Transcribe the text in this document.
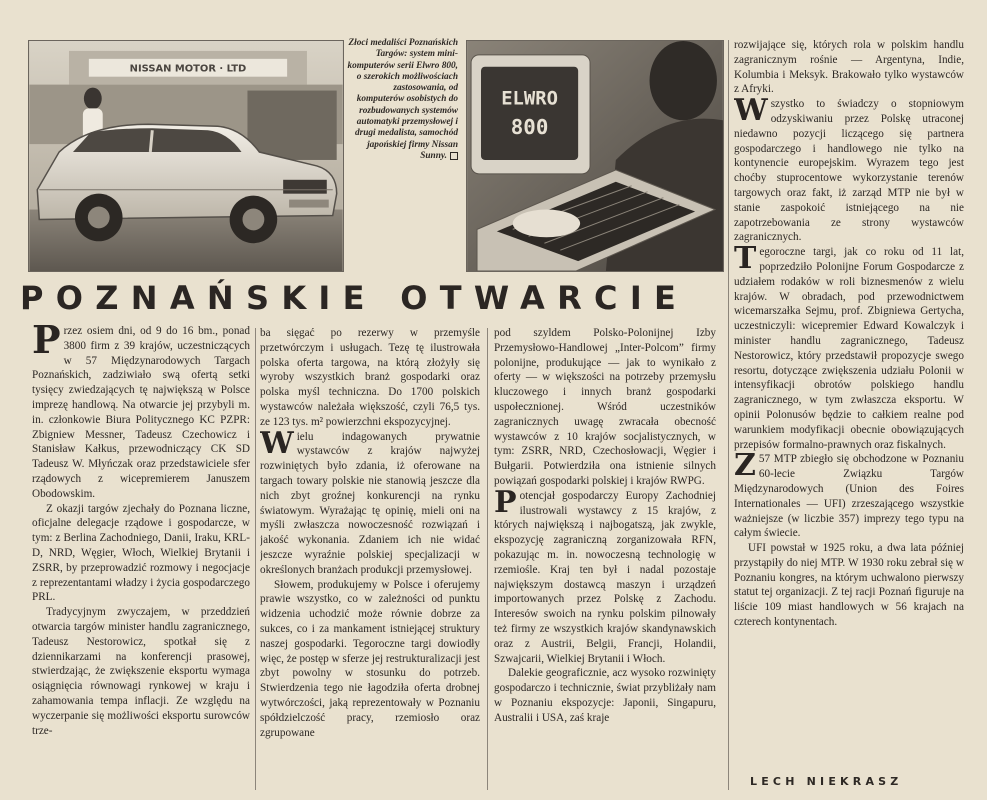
NISSAN MOTOR · LTD
Złoci medaliści Poznańskich Targów: system mini-komputerów serii Elwro 800, o szerokich możliwościach zastosowania, od komputerów osobistych do rozbudowanych systemów automatyki przemysłowej i drugi medalista, samochód japońskiej firmy Nissan Sunny.
ELWRO
800
POZNAŃSKIE OTWARCIE

Przez osiem dni, od 9 do 16 bm., ponad 3800 firm z 39 krajów, uczestniczących w 57 Międzynarodowych Targach Poznańskich, zadziwiało swą ofertą setki tysięcy zwiedzających tę największą w Polsce imprezę handlową. Na otwarcie jej przybyli m. in. członkowie Biura Politycznego KC PZPR: Zbigniew Messner, Tadeusz Czechowicz i Stanisław Kałkus, przewodniczący CK SD Tadeusz W. Młyńczak oraz przedstawiciele sfer rządowych z wicepremierem Januszem Obodowskim.

Z okazji targów zjechały do Poznana liczne, oficjalne delegacje rządowe i gospodarcze, w tym: z Berlina Zachodniego, Danii, Iraku, KRL-D, NRD, Węgier, Włoch, Wielkiej Brytanii i ZSRR, by przeprowadzić rozmowy i negocjacje z reprezentantami władzy i życia gospodarczego PRL.

Tradycyjnym zwyczajem, w przeddzień otwarcia targów minister handlu zagranicznego, Tadeusz Nestorowicz, spotkał się z dziennikarzami na konferencji prasowej, stwierdzając, że zwiększenie eksportu wymaga osiągnięcia równowagi rynkowej w kraju i zahamowania tempa inflacji. Ze względu na wyczerpanie się możliwości eksportu surowców trze-

ba sięgać po rezerwy w przemyśle przetwórczym i usługach. Tezę tę ilustrowała polska oferta targowa, na którą złożyły się wyroby wszystkich branż gospodarki oraz polska myśl techniczna. Do 1700 polskich wystawców należała większość, czyli 76,5 tys. ze 123 tys. m² powierzchni ekspozycyjnej.

Wielu indagowanych prywatnie wystawców z krajów najwyżej rozwiniętych było zdania, iż oferowane na targach towary polskie nie stanowią jeszcze dla nich zbyt groźnej konkurencji na rynku światowym. Wyrażając tę opinię, mieli oni na myśli zwłaszcza nowoczesność rozwiązań i jakość wykonania. Zdaniem ich nie widać jeszcze wyraźnie polskiej specjalizacji w określonych branżach produkcji przemysłowej.

Słowem, produkujemy w Polsce i oferujemy prawie wszystko, co w zależności od punktu widzenia uchodzić może równie dobrze za sukces, co i za mankament istniejącej struktury naszej gospodarki. Tegoroczne targi dowiodły więc, że postęp w sferze jej restrukturalizacji jest zbyt powolny w stosunku do potrzeb. Stwierdzenia tego nie łagodziła oferta drobnej wytwórczości, jaką reprezentowały w Poznaniu spółdzielczość pracy, rzemiosło oraz zgrupowane

pod szyldem Polsko-Polonijnej Izby Przemysłowo-Handlowej „Inter-Polcom” firmy polonijne, produkujące — jak to wynikało z oferty — w większości na potrzeby przemysłu kluczowego i innych branż gospodarki uspołecznionej. Wśród uczestników zagranicznych uwagę zwracała obecność wystawców z 10 krajów socjalistycznych, w tym: ZSRR, NRD, Czechosłowacji, Węgier i Bułgarii. Potwierdziła ona istnienie silnych powiązań gospodarki polskiej i krajów RWPG.

Potencjał gospodarczy Europy Zachodniej ilustrowali wystawcy z 15 krajów, z których największą i najbogatszą, jak zwykle, ekspozycję zagraniczną zorganizowała RFN, pokazując m. in. nowoczesną technologię w rzemiośle. Kraj ten był i nadal pozostaje największym dostawcą maszyn i urządzeń importowanych przez Polskę z Zachodu. Interesów swoich na rynku polskim pilnowały też firmy ze wszystkich krajów skandynawskich oraz z Austrii, Belgii, Francji, Holandii, Szwajcarii, Wielkiej Brytanii i Włoch.

Dalekie geograficznie, acz wysoko rozwinięty gospodarczo i technicznie, świat przybliżały nam w Poznaniu ekspozycje: Japonii, Singapuru, Australii i USA, zaś kraje

rozwijające się, których rola w polskim handlu zagranicznym rośnie — Argentyna, Indie, Kolumbia i Meksyk. Brakowało tylko wystawców z Afryki.

Wszystko to świadczy o stopniowym odzyskiwaniu przez Polskę utraconej niedawno pozycji liczącego się partnera gospodarczego i handlowego nie tylko na kontynencie europejskim. Wyrazem tego jest choćby stuprocentowe wykorzystanie terenów targowych oraz fakt, iż zarząd MTP nie był w stanie zaspokoić istniejącego na nie zapotrzebowania ze strony wystawców zagranicznych.

Tegoroczne targi, jak co roku od 11 lat, poprzedziło Polonijne Forum Gospodarcze z udziałem rodaków w roli biznesmenów z wielu krajów. W obradach, pod przewodnictwem wicemarszałka Sejmu, prof. Zbigniewa Gertycha, uczestniczyli: wicepremier Edward Kowalczyk i minister handlu zagranicznego, Tadeusz Nestorowicz, który przedstawił propozycje swego resortu, dotyczące zwiększenia udziału Polonii w intensyfikacji obrotów polskiego handlu zagranicznego, w tym zwłaszcza eksportu. W opinii Polonusów będzie to całkiem realne pod warunkiem modyfikacji obecnie obowiązujących przepisów formalno-prawnych oraz fiskalnych.

Z 57 MTP zbiegło się obchodzone w Poznaniu 60-lecie Związku Targów Międzynarodowych (Union des Foires Internationales — UFI) zrzeszającego wszystkie ważniejsze (w liczbie 357) imprezy tego typu na całym świecie.

UFI powstał w 1925 roku, a dwa lata później przystąpiły do niej MTP. W 1930 roku zebrał się w Poznaniu kongres, na którym uchwalono pierwszy statut tej organizacji. Z tej racji Poznań figuruje na liście 109 miast handlowych w 56 krajach na czterech kontynentach.

LECH NIEKRASZ
